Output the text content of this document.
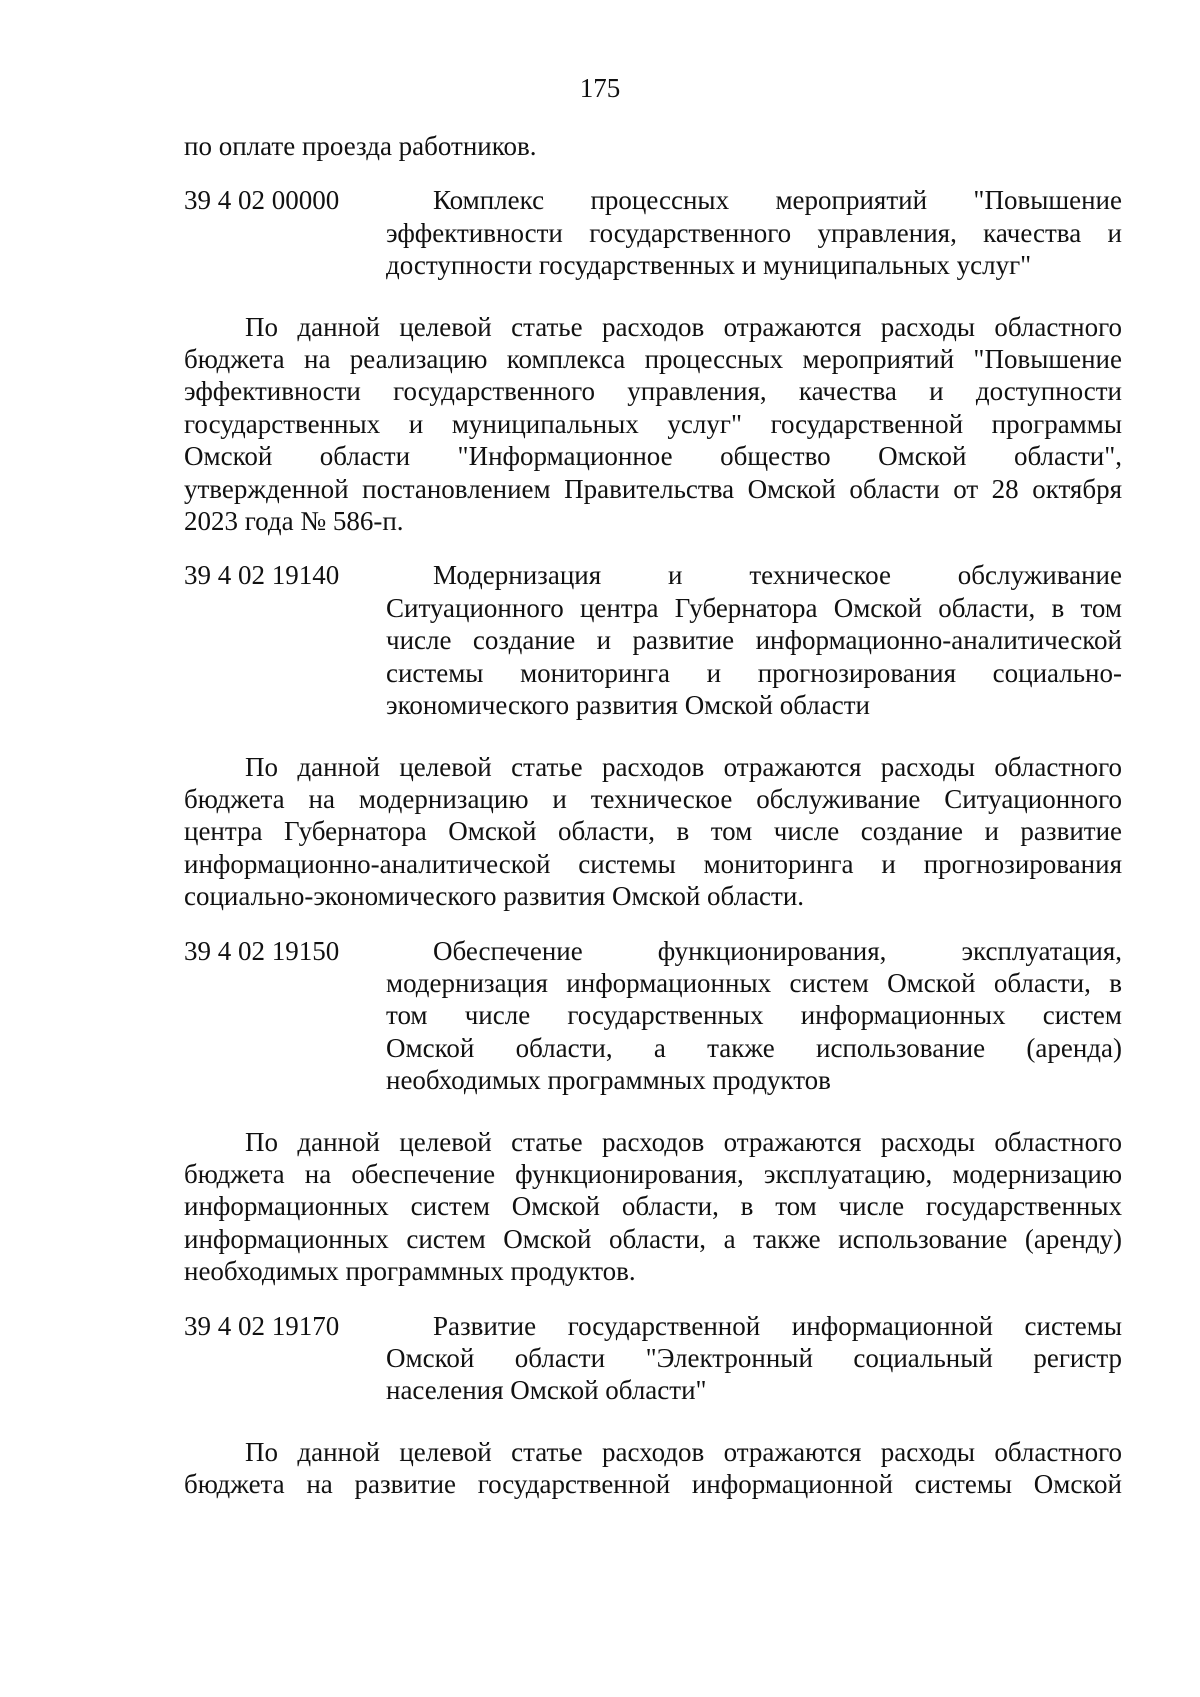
175
по оплате проезда работников.
39 4 02 00000	Комплекс процессных мероприятий "Повышение
эффективности государственного управления, качества и
доступности государственных и муниципальных услуг"
По данной целевой статье расходов отражаются расходы областного
бюджета на реализацию комплекса процессных мероприятий "Повышение
эффективности государственного управления, качества и доступности
государственных и муниципальных услуг" государственной программы
Омской области "Информационное общество Омской области",
утвержденной постановлением Правительства Омской области от 28 октября
2023 года № 586-п.
39 4 02 19140	Модернизация и техническое обслуживание
Ситуационного центра Губернатора Омской области, в том
числе создание и развитие информационно-аналитической
системы мониторинга и прогнозирования социально-
экономического развития Омской области
По данной целевой статье расходов отражаются расходы областного
бюджета на модернизацию и техническое обслуживание Ситуационного
центра Губернатора Омской области, в том числе создание и развитие
информационно-аналитической системы мониторинга и прогнозирования
социально-экономического развития Омской области.
39 4 02 19150	Обеспечение функционирования, эксплуатация,
модернизация информационных систем Омской области, в
том числе государственных информационных систем
Омской области, а также использование (аренда)
необходимых программных продуктов
По данной целевой статье расходов отражаются расходы областного
бюджета на обеспечение функционирования, эксплуатацию, модернизацию
информационных систем Омской области, в том числе государственных
информационных систем Омской области, а также использование (аренду)
необходимых программных продуктов.
39 4 02 19170	Развитие государственной информационной системы
Омской области "Электронный социальный регистр
населения Омской области"
По данной целевой статье расходов отражаются расходы областного
бюджета на развитие государственной информационной системы Омской
